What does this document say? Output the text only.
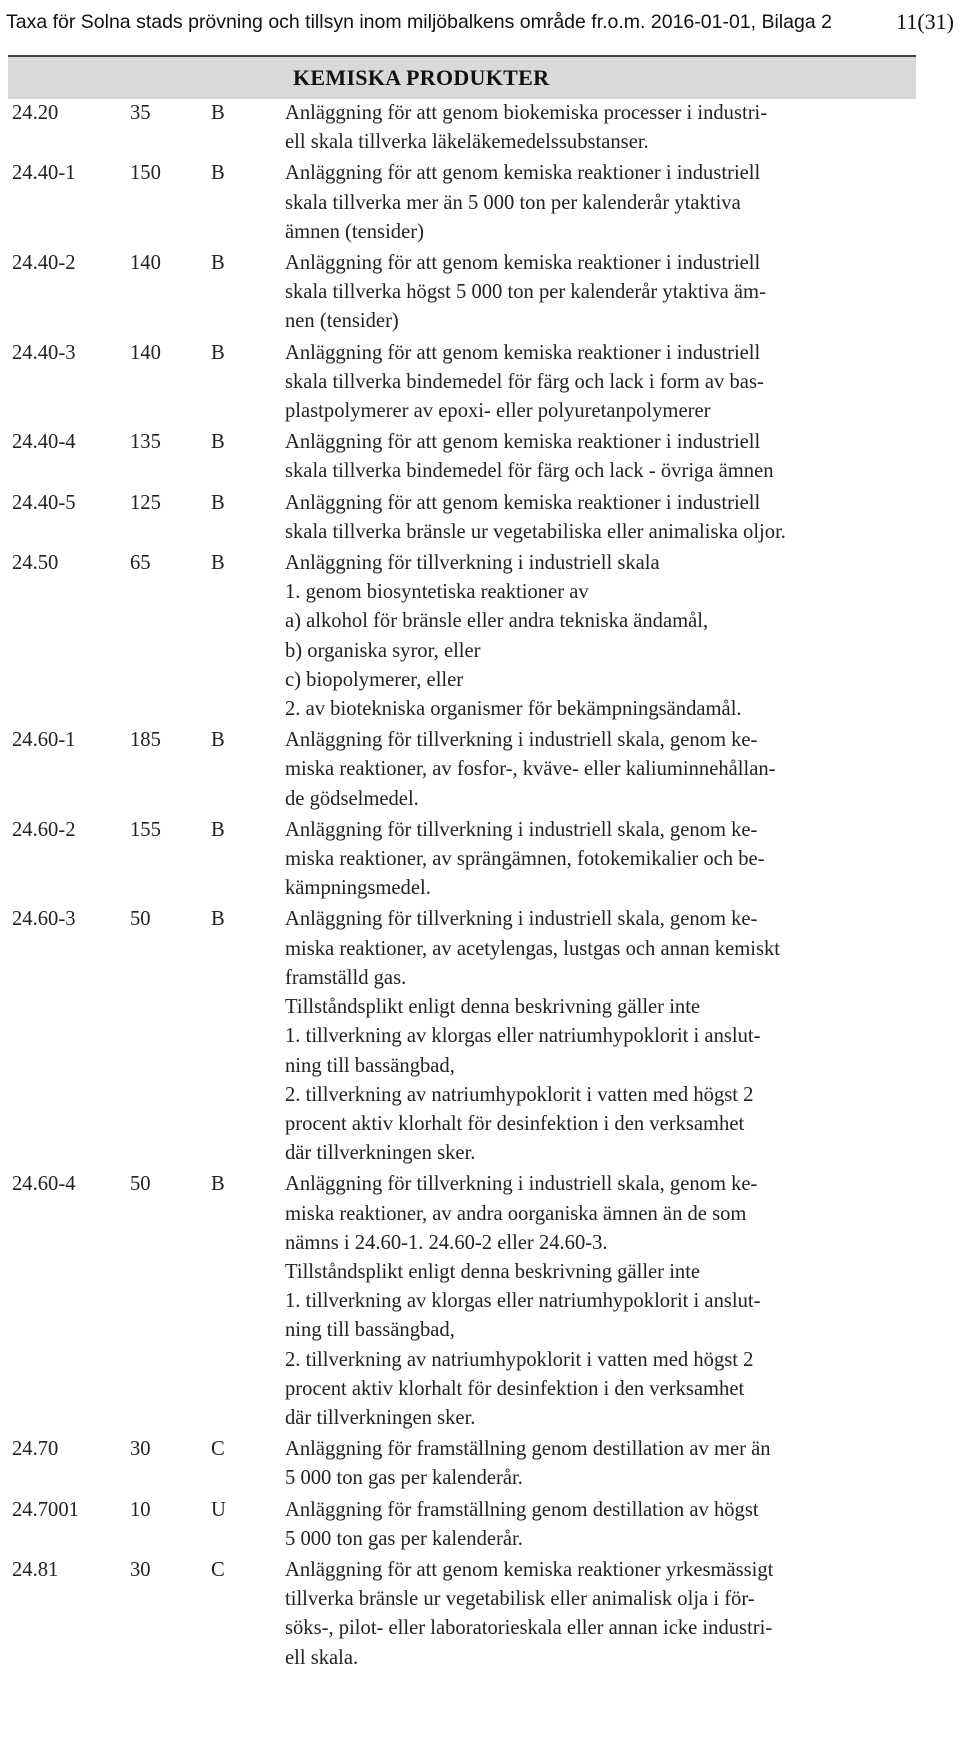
Taxa för Solna stads prövning och tillsyn inom miljöbalkens område fr.o.m. 2016-01-01, Bilaga 2	11(31)
KEMISKA PRODUKTER
24.20	35	B	Anläggning för att genom biokemiska processer i industri-
ell skala tillverka läkeläkemedelssubstanser.
24.40-1	150	B	Anläggning för att genom kemiska reaktioner i industriell
skala tillverka mer än 5 000 ton per kalenderår ytaktiva
ämnen (tensider)
24.40-2	140	B	Anläggning för att genom kemiska reaktioner i industriell
skala tillverka högst 5 000 ton per kalenderår ytaktiva äm-
nen (tensider)
24.40-3	140	B	Anläggning för att genom kemiska reaktioner i industriell
skala tillverka bindemedel för färg och lack i form av bas-
plastpolymerer av epoxi- eller polyuretanpolymerer
24.40-4	135	B	Anläggning för att genom kemiska reaktioner i industriell
skala tillverka bindemedel för färg och lack - övriga ämnen
24.40-5	125	B	Anläggning för att genom kemiska reaktioner i industriell
skala tillverka bränsle ur vegetabiliska eller animaliska oljor.
24.50	65	B	Anläggning för tillverkning i industriell skala
1. genom biosyntetiska reaktioner av
a) alkohol för bränsle eller andra tekniska ändamål,
b) organiska syror, eller
c) biopolymerer, eller
2. av biotekniska organismer för bekämpningsändamål.
24.60-1	185	B	Anläggning för tillverkning i industriell skala, genom ke-
miska reaktioner, av fosfor-, kväve- eller kaliuminnehållan-
de gödselmedel.
24.60-2	155	B	Anläggning för tillverkning i industriell skala, genom ke-
miska reaktioner, av sprängämnen, fotokemikalier och be-
kämpningsmedel.
24.60-3	50	B	Anläggning för tillverkning i industriell skala, genom ke-
miska reaktioner, av acetylengas, lustgas och annan kemiskt
framställd gas.
Tillståndsplikt enligt denna beskrivning gäller inte
1. tillverkning av klorgas eller natriumhypoklorit i anslut-
ning till bassängbad,
2. tillverkning av natriumhypoklorit i vatten med högst 2
procent aktiv klorhalt för desinfektion i den verksamhet
där tillverkningen sker.
24.60-4	50	B	Anläggning för tillverkning i industriell skala, genom ke-
miska reaktioner, av andra oorganiska ämnen än de som
nämns i 24.60-1. 24.60-2 eller 24.60-3.
Tillståndsplikt enligt denna beskrivning gäller inte
1. tillverkning av klorgas eller natriumhypoklorit i anslut-
ning till bassängbad,
2. tillverkning av natriumhypoklorit i vatten med högst 2
procent aktiv klorhalt för desinfektion i den verksamhet
där tillverkningen sker.
24.70	30	C	Anläggning för framställning genom destillation av mer än
5 000 ton gas per kalenderår.
24.7001 10	U	Anläggning för framställning genom destillation av högst
5 000 ton gas per kalenderår.
24.81	30	C	Anläggning för att genom kemiska reaktioner yrkesmässigt
tillverka bränsle ur vegetabilisk eller animalisk olja i för-
söks-, pilot- eller laboratorieskala eller annan icke industri-
ell skala.
